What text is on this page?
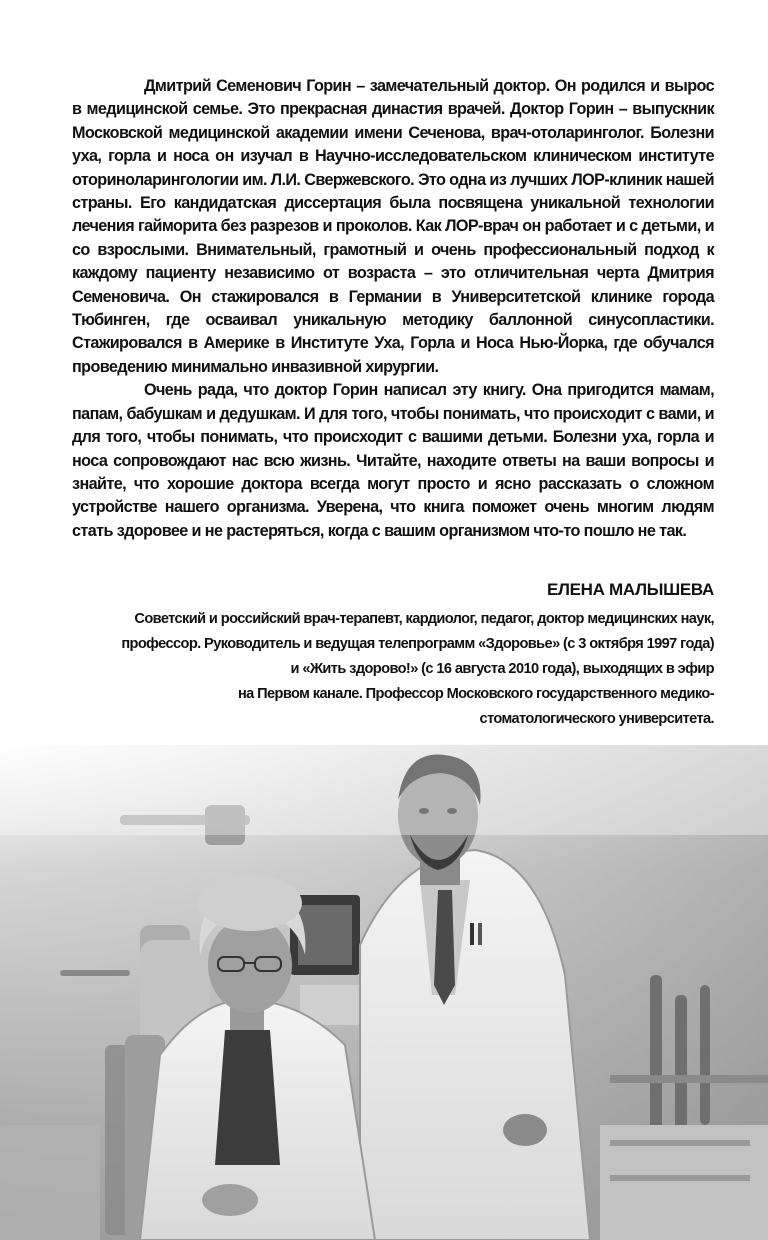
Дмитрий Семенович Горин – замечательный доктор. Он родился и вырос в медицинской семье. Это прекрасная династия врачей. Доктор Горин – выпускник Московской медицинской академии имени Сеченова, врач-отоларинголог. Болезни уха, горла и носа он изучал в Научно-исследовательском клиническом институте оториноларингологии им. Л.И. Свержевского. Это одна из лучших ЛОР-клиник нашей страны. Его кандидатская диссертация была посвящена уникальной технологии лечения гайморита без разрезов и проколов. Как ЛОР-врач он работает и с детьми, и со взрослыми. Внимательный, грамотный и очень профессиональный подход к каждому пациенту независимо от возраста – это отличительная черта Дмитрия Семеновича. Он стажировался в Германии в Университетской клинике города Тюбинген, где осваивал уникальную методику баллонной синусопластики. Стажировался в Америке в Институте Уха, Горла и Носа Нью-Йорка, где обучался проведению минимально инвазивной хирургии.

Очень рада, что доктор Горин написал эту книгу. Она пригодится мамам, папам, бабушкам и дедушкам. И для того, чтобы понимать, что происходит с вами, и для того, чтобы понимать, что происходит с вашими детьми. Болезни уха, горла и носа сопровождают нас всю жизнь. Читайте, находите ответы на ваши вопросы и знайте, что хорошие доктора всегда могут просто и ясно рассказать о сложном устройстве нашего организма. Уверена, что книга поможет очень многим людям стать здоровее и не растеряться, когда с вашим организмом что-то пошло не так.

ЕЛЕНА МАЛЫШЕВА
Советский и российский врач-терапевт, кардиолог, педагог, доктор медицинских наук,
профессор. Руководитель и ведущая телепрограмм «Здоровье» (с 3 октября 1997 года)
и «Жить здорово!» (с 16 августа 2010 года), выходящих в эфир
на Первом канале. Профессор Московского государственного медико-
стоматологического университета.
